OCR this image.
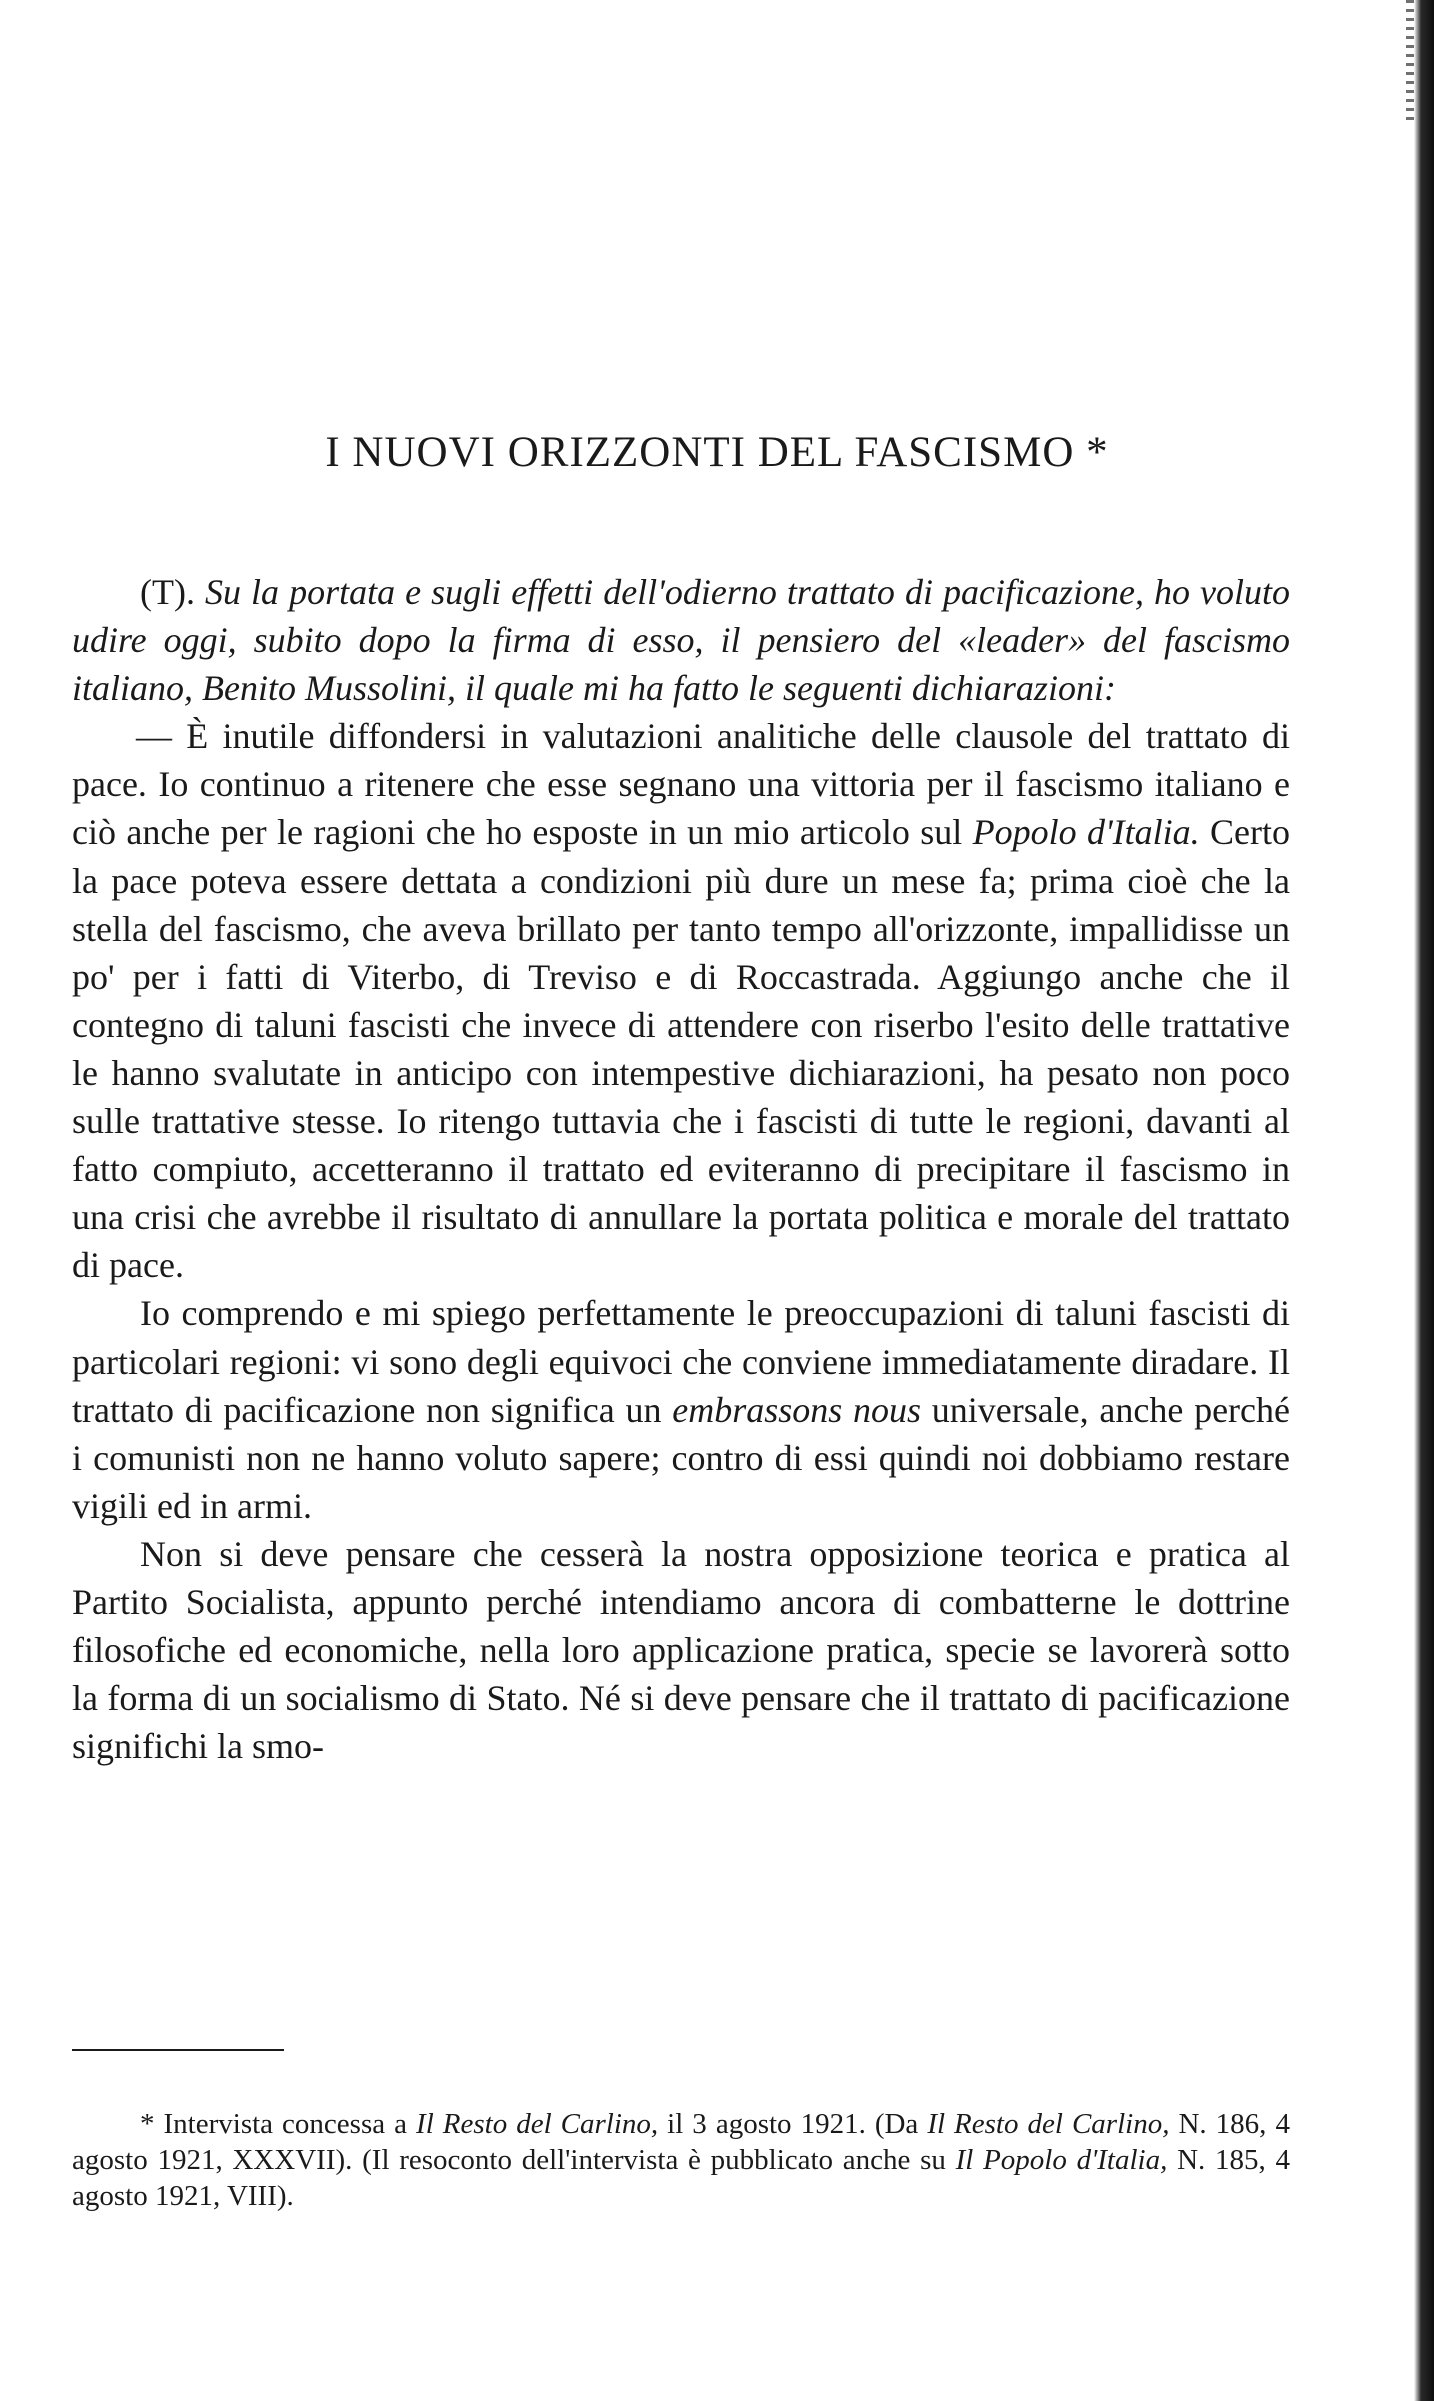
I NUOVI ORIZZONTI DEL FASCISMO *

(T). Su la portata e sugli effetti dell'odierno trattato di pacificazione, ho voluto udire oggi, subito dopo la firma di esso, il pensiero del «leader» del fascismo italiano, Benito Mussolini, il quale mi ha fatto le seguenti dichiarazioni:

— È inutile diffondersi in valutazioni analitiche delle clausole del trattato di pace. Io continuo a ritenere che esse segnano una vittoria per il fascismo italiano e ciò anche per le ragioni che ho esposte in un mio articolo sul Popolo d'Italia. Certo la pace poteva essere dettata a condizioni più dure un mese fa; prima cioè che la stella del fascismo, che aveva brillato per tanto tempo all'orizzonte, impallidisse un po' per i fatti di Viterbo, di Treviso e di Roccastrada. Aggiungo anche che il contegno di taluni fascisti che invece di attendere con riserbo l'esito delle trattative le hanno svalutate in anticipo con intempestive dichiarazioni, ha pesato non poco sulle trattative stesse. Io ritengo tuttavia che i fascisti di tutte le regioni, davanti al fatto compiuto, accetteranno il trattato ed eviteranno di precipitare il fascismo in una crisi che avrebbe il risultato di annullare la portata politica e morale del trattato di pace.

Io comprendo e mi spiego perfettamente le preoccupazioni di taluni fascisti di particolari regioni: vi sono degli equivoci che conviene immediatamente diradare. Il trattato di pacificazione non significa un embrassons nous universale, anche perché i comunisti non ne hanno voluto sapere; contro di essi quindi noi dobbiamo restare vigili ed in armi.

Non si deve pensare che cesserà la nostra opposizione teorica e pratica al Partito Socialista, appunto perché intendiamo ancora di combatterne le dottrine filosofiche ed economiche, nella loro applicazione pratica, specie se lavorerà sotto la forma di un socialismo di Stato. Né si deve pensare che il trattato di pacificazione significhi la smo-

* Intervista concessa a Il Resto del Carlino, il 3 agosto 1921. (Da Il Resto del Carlino, N. 186, 4 agosto 1921, XXXVII). (Il resoconto dell'intervista è pubblicato anche su Il Popolo d'Italia, N. 185, 4 agosto 1921, VIII).
